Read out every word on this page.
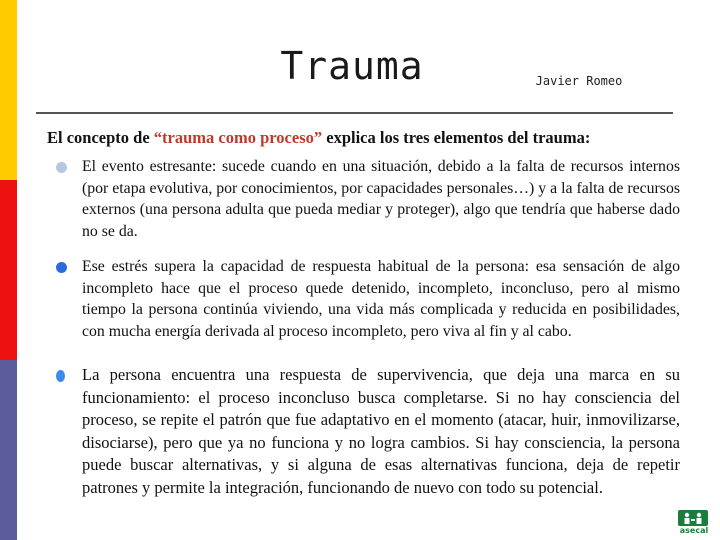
Trauma	Javier Romeo

El concepto de “trauma como proceso” explica los tres elementos del trauma:

El evento estresante: sucede cuando en una situación, debido a la falta de recursos internos (por etapa evolutiva, por conocimientos, por capacidades personales…) y a la falta de recursos externos (una persona adulta que pueda mediar y proteger), algo que tendría que haberse dado no se da.
Ese estrés supera la capacidad de respuesta habitual de la persona: esa sensación de algo incompleto hace que el proceso quede detenido, incompleto, inconcluso, pero al mismo tiempo la persona continúa viviendo, una vida más complicada y reducida en posibilidades, con mucha energía derivada al proceso incompleto, pero viva al fin y al cabo.
La persona encuentra una respuesta de supervivencia, que deja una marca en su funcionamiento: el proceso inconcluso busca completarse. Si no hay consciencia del proceso, se repite el patrón que fue adaptativo en el momento (atacar, huir, inmovilizarse, disociarse), pero que ya no funciona y no logra cambios. Si hay consciencia, la persona puede buscar alternativas, y si alguna de esas alternativas funciona, deja de repetir patrones y permite la integración, funcionando de nuevo con todo su potencial.
asecal
